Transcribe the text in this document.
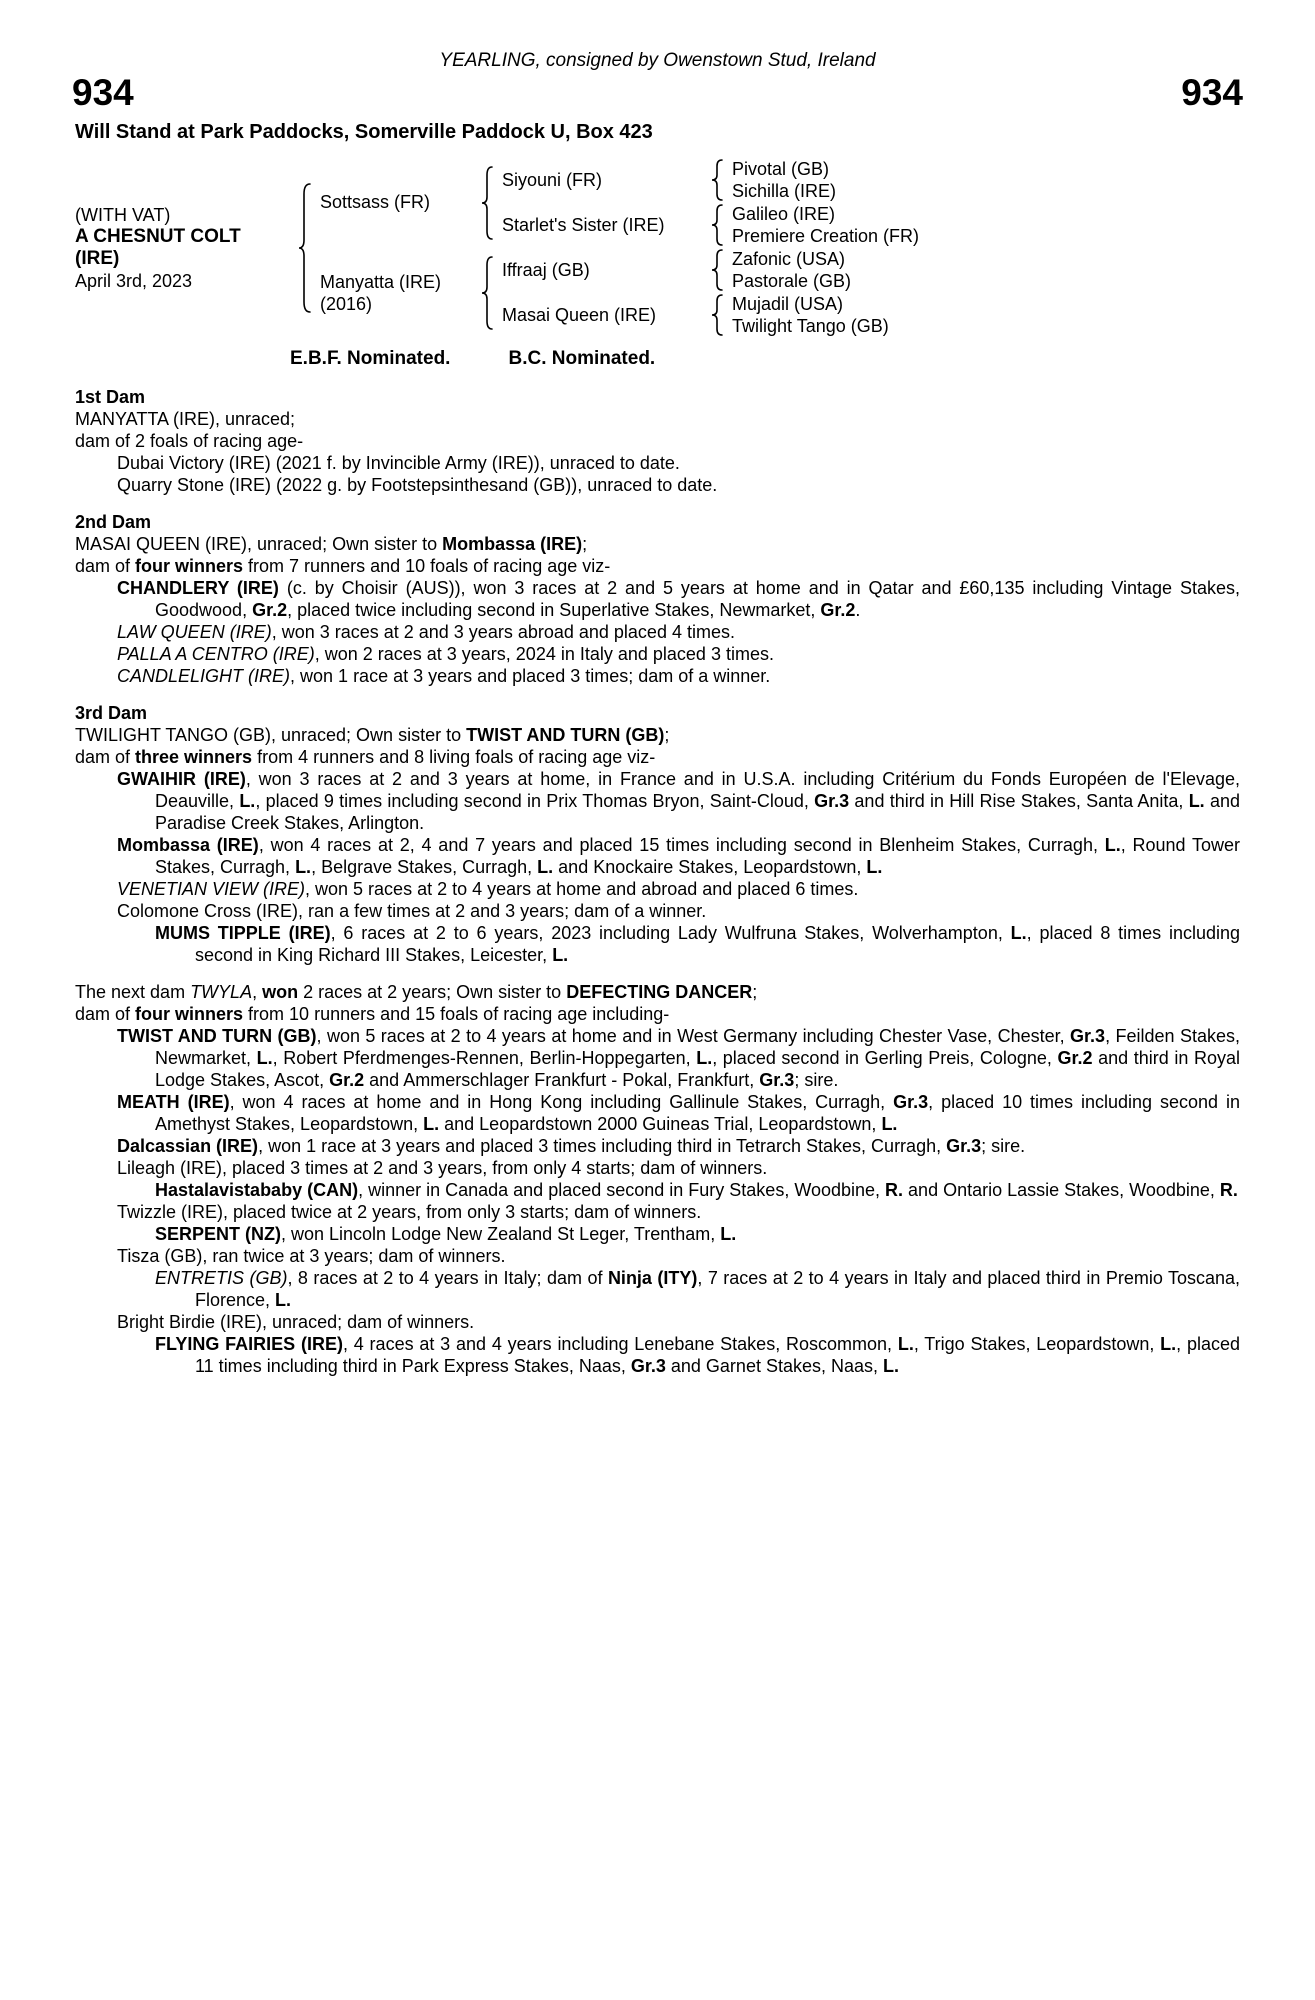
YEARLING, consigned by Owenstown Stud, Ireland
934	934
Will Stand at Park Paddocks, Somerville Paddock U, Box 423
(WITH VAT)
A CHESNUT COLT
(IRE)
April 3rd, 2023
Sottsass (FR)
Manyatta (IRE)
(2016)
Siyouni (FR)
Starlet's Sister (IRE)
Iffraaj (GB)
Masai Queen (IRE)
Pivotal (GB)
Sichilla (IRE)
Galileo (IRE)
Premiere Creation (FR)
Zafonic (USA)
Pastorale (GB)
Mujadil (USA)
Twilight Tango (GB)
E.B.F. Nominated.	B.C. Nominated.
1st Dam
MANYATTA (IRE), unraced;
dam of 2 foals of racing age-
Dubai Victory (IRE) (2021 f. by Invincible Army (IRE)), unraced to date.
Quarry Stone (IRE) (2022 g. by Footstepsinthesand (GB)), unraced to date.
2nd Dam
MASAI QUEEN (IRE), unraced; Own sister to Mombassa (IRE);
dam of four winners from 7 runners and 10 foals of racing age viz-
CHANDLERY (IRE) (c. by Choisir (AUS)), won 3 races at 2 and 5 years at home and in Qatar and £60,135 including Vintage Stakes, Goodwood, Gr.2, placed twice including second in Superlative Stakes, Newmarket, Gr.2.
LAW QUEEN (IRE), won 3 races at 2 and 3 years abroad and placed 4 times.
PALLA A CENTRO (IRE), won 2 races at 3 years, 2024 in Italy and placed 3 times.
CANDLELIGHT (IRE), won 1 race at 3 years and placed 3 times; dam of a winner.
3rd Dam
TWILIGHT TANGO (GB), unraced; Own sister to TWIST AND TURN (GB);
dam of three winners from 4 runners and 8 living foals of racing age viz-
GWAIHIR (IRE), won 3 races at 2 and 3 years at home, in France and in U.S.A. including Critérium du Fonds Européen de l'Elevage, Deauville, L., placed 9 times including second in Prix Thomas Bryon, Saint-Cloud, Gr.3 and third in Hill Rise Stakes, Santa Anita, L. and Paradise Creek Stakes, Arlington.
Mombassa (IRE), won 4 races at 2, 4 and 7 years and placed 15 times including second in Blenheim Stakes, Curragh, L., Round Tower Stakes, Curragh, L., Belgrave Stakes, Curragh, L. and Knockaire Stakes, Leopardstown, L.
VENETIAN VIEW (IRE), won 5 races at 2 to 4 years at home and abroad and placed 6 times.
Colomone Cross (IRE), ran a few times at 2 and 3 years; dam of a winner.
MUMS TIPPLE (IRE), 6 races at 2 to 6 years, 2023 including Lady Wulfruna Stakes, Wolverhampton, L., placed 8 times including second in King Richard III Stakes, Leicester, L.
The next dam TWYLA, won 2 races at 2 years; Own sister to DEFECTING DANCER;
dam of four winners from 10 runners and 15 foals of racing age including-
TWIST AND TURN (GB), won 5 races at 2 to 4 years at home and in West Germany including Chester Vase, Chester, Gr.3, Feilden Stakes, Newmarket, L., Robert Pferdmenges-Rennen, Berlin-Hoppegarten, L., placed second in Gerling Preis, Cologne, Gr.2 and third in Royal Lodge Stakes, Ascot, Gr.2 and Ammerschlager Frankfurt - Pokal, Frankfurt, Gr.3; sire.
MEATH (IRE), won 4 races at home and in Hong Kong including Gallinule Stakes, Curragh, Gr.3, placed 10 times including second in Amethyst Stakes, Leopardstown, L. and Leopardstown 2000 Guineas Trial, Leopardstown, L.
Dalcassian (IRE), won 1 race at 3 years and placed 3 times including third in Tetrarch Stakes, Curragh, Gr.3; sire.
Lileagh (IRE), placed 3 times at 2 and 3 years, from only 4 starts; dam of winners.
Hastalavistababy (CAN), winner in Canada and placed second in Fury Stakes, Woodbine, R. and Ontario Lassie Stakes, Woodbine, R.
Twizzle (IRE), placed twice at 2 years, from only 3 starts; dam of winners.
SERPENT (NZ), won Lincoln Lodge New Zealand St Leger, Trentham, L.
Tisza (GB), ran twice at 3 years; dam of winners.
ENTRETIS (GB), 8 races at 2 to 4 years in Italy; dam of Ninja (ITY), 7 races at 2 to 4 years in Italy and placed third in Premio Toscana, Florence, L.
Bright Birdie (IRE), unraced; dam of winners.
FLYING FAIRIES (IRE), 4 races at 3 and 4 years including Lenebane Stakes, Roscommon, L., Trigo Stakes, Leopardstown, L., placed 11 times including third in Park Express Stakes, Naas, Gr.3 and Garnet Stakes, Naas, L.
